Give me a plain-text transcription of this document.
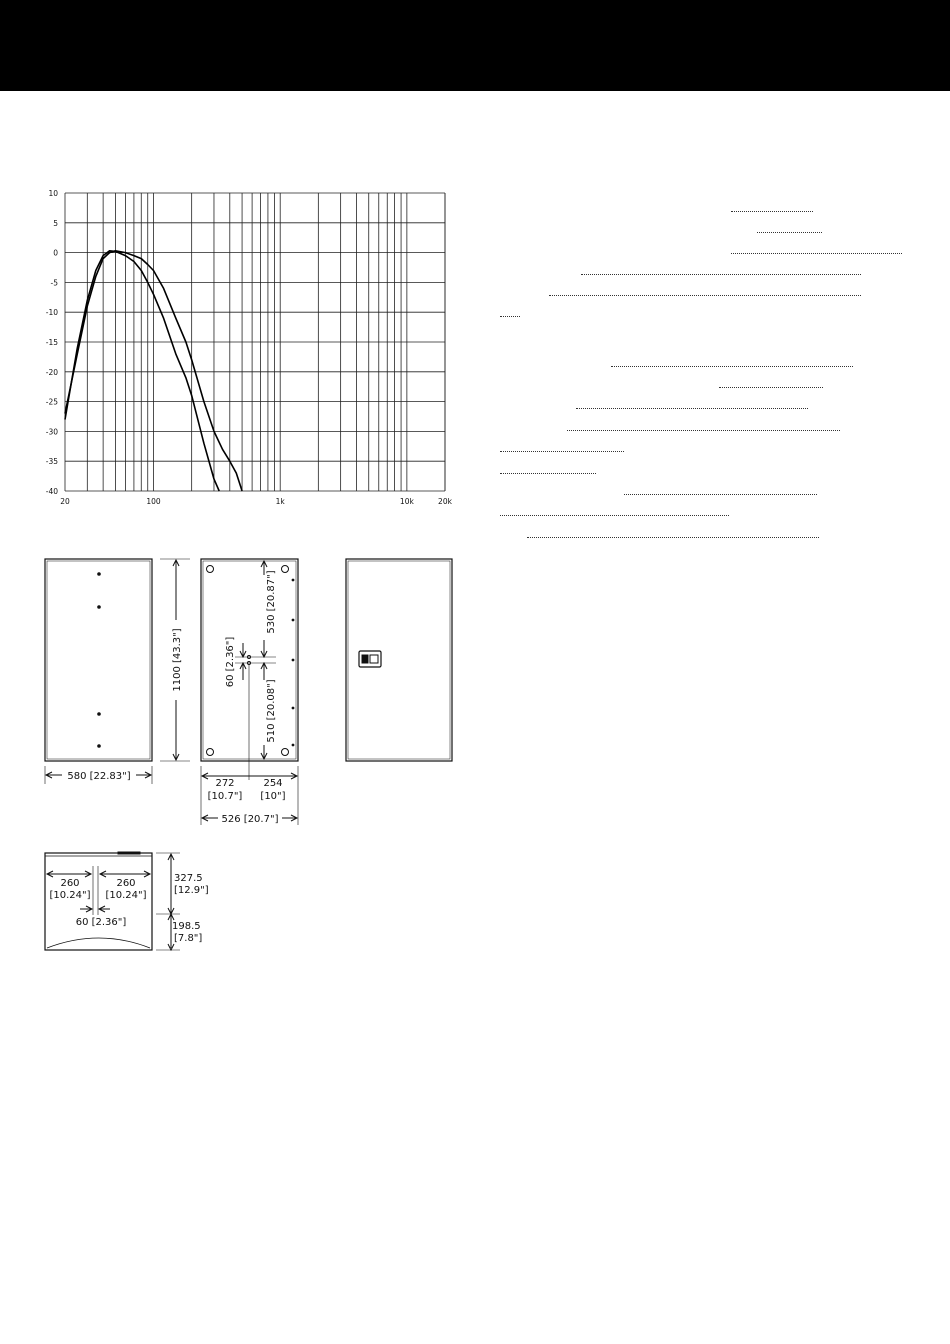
10
5
0
-5
-10
-15
-20
-25
-30
-35
-40
20	100	1k	10k	20k
1100 [43.3"]
580 [22.83"]
530 [20.87"]
60 [2.36"]
510 [20.08"]
272
[10.7"]
254
[10"]
526 [20.7"]
260
[10.24"]
260
[10.24"]
60 [2.36"]
327.5
[12.9"]
198.5
[7.8"]
